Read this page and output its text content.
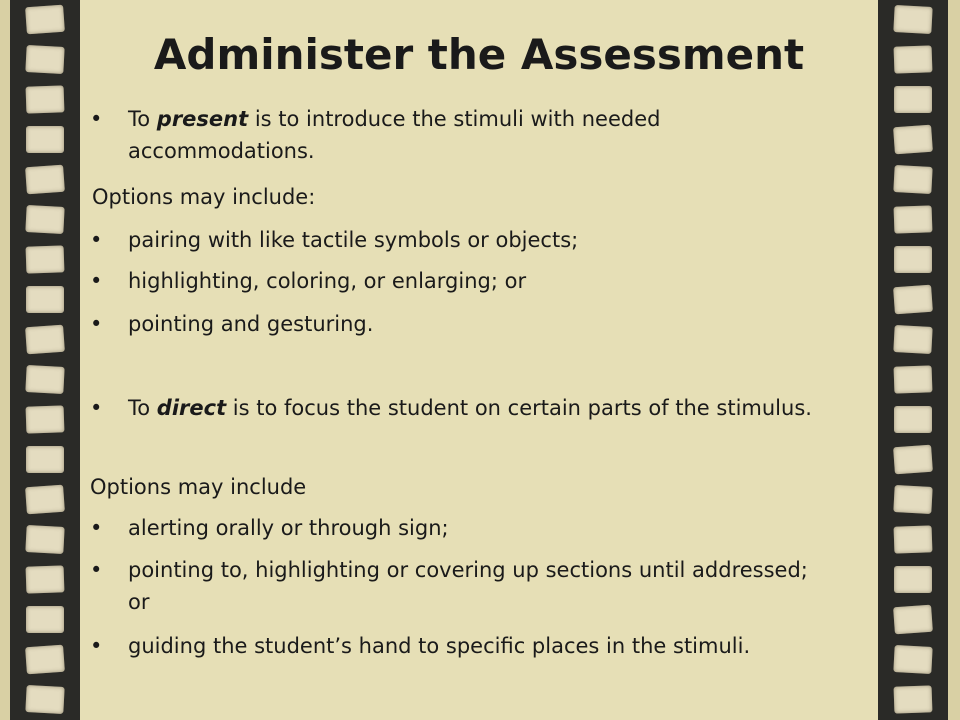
Administer the Assessment
• To present is to introduce the stimuli with needed accommodations.
Options may include:
• pairing with like tactile symbols or objects;
• highlighting, coloring, or enlarging; or
• pointing and gesturing.
• To direct is to focus the student on certain parts of the stimulus.
Options may include
• alerting orally or through sign;
• pointing to, highlighting or covering up sections until addressed; or
• guiding the student’s hand to specific places in the stimuli.
